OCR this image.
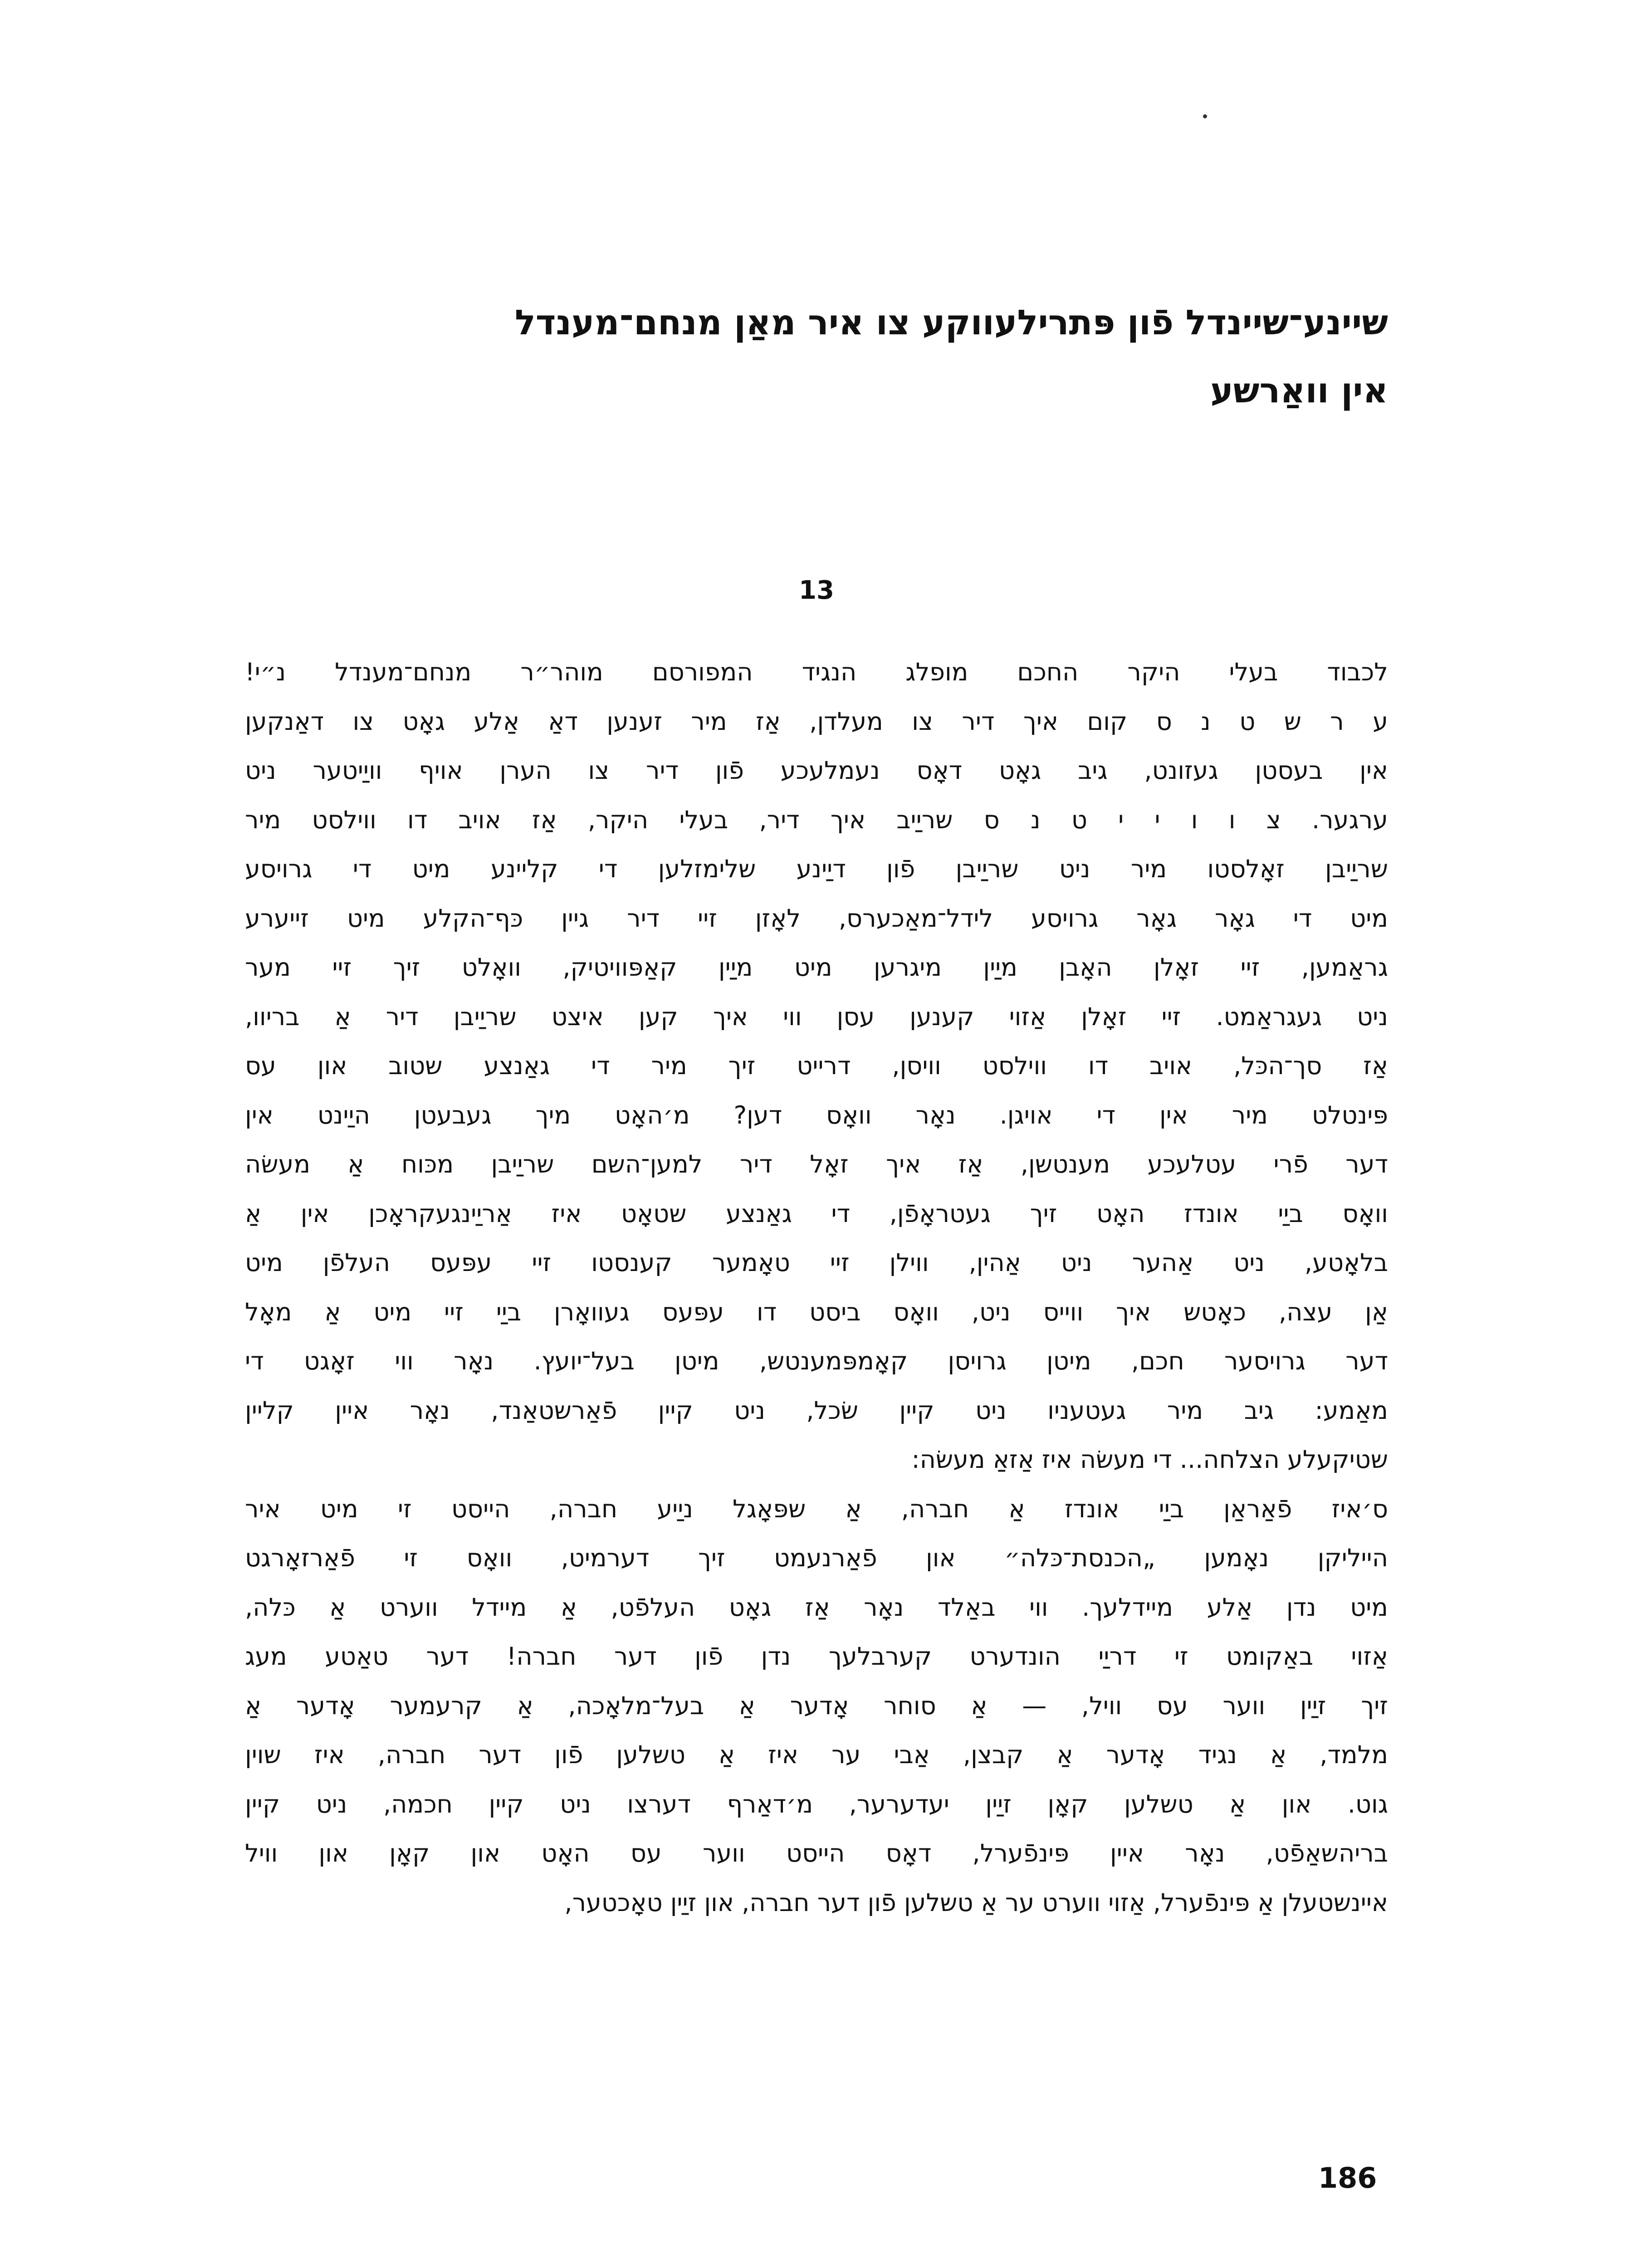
שיינע־שיינדל פֿון פּתרילעווקע צו איר מאַן מנחם־מענדל
אין וואַרשע
13
לכבוד בעלי היקר החכם מופלג הנגיד המפורסם מוהר״ר מנחם־מענדל נ״י!
ע ר ש ט נ ס קום איך דיר צו מעלדן, אַז מיר זענען דאַ אַלע גאָט צו דאַנקען
אין בעסטן געזונט, גיב גאָט דאָס נעמלעכע פֿון דיר צו הערן אויף וויַיטער ניט
ערגער. צ ו ו י י ט נ ס שריַיב איך דיר, בעלי היקר, אַז אויב דו ווילסט מיר
שריַיבן זאָלסטו מיר ניט שריַיבן פֿון דיַינע שלימזלען די קליינע מיט די גרויסע
מיט די גאָר גאָר גרויסע לידל־מאַכערס, לאָזן זיי דיר גיין כּף־הקלע מיט זייערע
גראַמען, זיי זאָלן האָבן מיַין מיגרען מיט מיַין קאַפּוויטיק, וואָלט זיך זיי מער
ניט געגראַמט. זיי זאָלן אַזוי קענען עסן ווי איך קען איצט שריַיבן דיר אַ בריוו,
אַז סך־הכּל, אויב דו ווילסט וויסן, דרייט זיך מיר די גאַנצע שטוב און עס
פּינטלט מיר אין די אויגן. נאָר וואָס דען? מ׳האָט מיך געבעטן היַינט אין
דער פֿרי עטלעכע מענטשן, אַז איך זאָל דיר למען־השם שריַיבן מכּוח אַ מעשׂה
וואָס ביַי אונדז האָט זיך געטראָפֿן, די גאַנצע שטאָט איז אַריַינגעקראָכן אין אַ
בלאָטע, ניט אַהער ניט אַהין, ווילן זיי טאָמער קענסטו זיי עפּעס העלפֿן מיט
אַן עצה, כאָטש איך ווייס ניט, וואָס ביסט דו עפּעס געוואָרן ביַי זיי מיט אַ מאָל
דער גרויסער חכם, מיטן גרויסן קאָמפּמענטש, מיטן בעל־יועץ. נאָר ווי זאָגט די
מאַמע: גיב מיר געטעניו ניט קיין שׂכל, ניט קיין פֿאַרשטאַנד, נאָר איין קליין
שטיקעלע הצלחה... די מעשׂה איז אַזאַ מעשׂה:
ס׳איז פֿאַראַן ביַי אונדז אַ חברה, אַ שפּאָגל ניַיע חברה, הייסט זי מיט איר
הייליקן נאָמען „הכנסת־כּלה״ און פֿאַרנעמט זיך דערמיט, וואָס זי פֿאַרזאָרגט
מיט נדן אַלע מיידלעך. ווי באַלד נאָר אַז גאָט העלפֿט, אַ מיידל ווערט אַ כּלה,
אַזוי באַקומט זי דריַי הונדערט קערבלעך נדן פֿון דער חברה! דער טאַטע מעג
זיך זיַין ווער עס וויל, — אַ סוחר אָדער אַ בעל־מלאָכה, אַ קרעמער אָדער אַ
מלמד, אַ נגיד אָדער אַ קבצן, אַבי ער איז אַ טשלען פֿון דער חברה, איז שוין
גוט. און אַ טשלען קאָן זיַין יעדערער, מ׳דאַרף דערצו ניט קיין חכמה, ניט קיין
בריהשאַפֿט, נאָר איין פּינפֿערל, דאָס הייסט ווער עס האָט און קאָן און וויל
איינשטעלן אַ פּינפֿערל, אַזוי ווערט ער אַ טשלען פֿון דער חברה, און זיַין טאָכטער,
186
